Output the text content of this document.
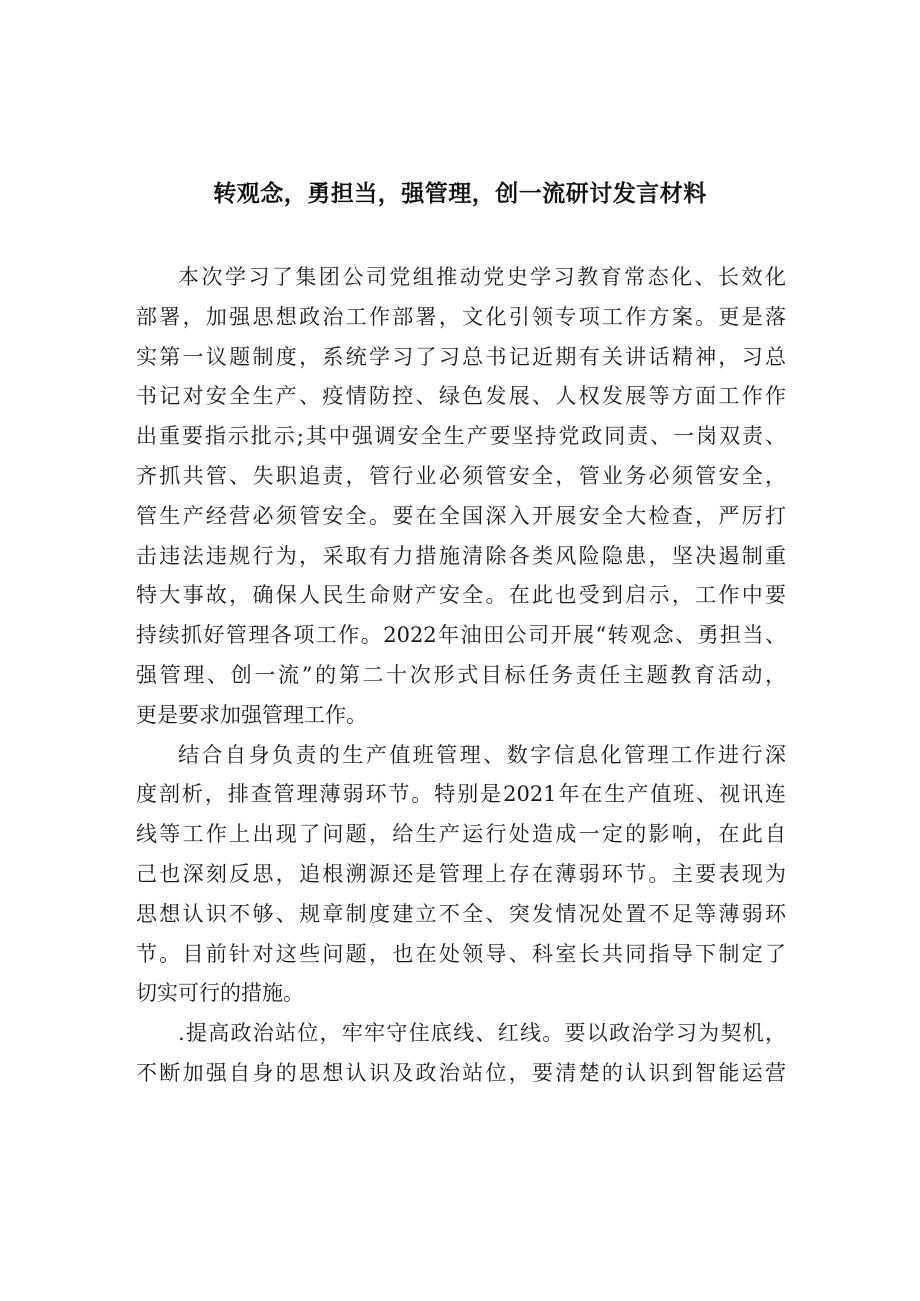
转观念，勇担当，强管理，创一流研讨发言材料
本次学习了集团公司党组推动党史学习教育常态化、长效化
部署，加强思想政治工作部署，文化引领专项工作方案。更是落
实第一议题制度，系统学习了习总书记近期有关讲话精神，习总
书记对安全生产、疫情防控、绿色发展、人权发展等方面工作作
出重要指示批示;其中强调安全生产要坚持党政同责、一岗双责、
齐抓共管、失职追责，管行业必须管安全，管业务必须管安全，
管生产经营必须管安全。要在全国深入开展安全大检查，严厉打
击违法违规行为，采取有力措施清除各类风险隐患，坚决遏制重
特大事故，确保人民生命财产安全。在此也受到启示，工作中要
持续抓好管理各项工作。2022年油田公司开展“转观念、勇担当、
强管理、创一流”的第二十次形式目标任务责任主题教育活动，
更是要求加强管理工作。
结合自身负责的生产值班管理、数字信息化管理工作进行深
度剖析，排查管理薄弱环节。特别是2021年在生产值班、视讯连
线等工作上出现了问题，给生产运行处造成一定的影响，在此自
己也深刻反思，追根溯源还是管理上存在薄弱环节。主要表现为
思想认识不够、规章制度建立不全、突发情况处置不足等薄弱环
节。目前针对这些问题，也在处领导、科室长共同指导下制定了
切实可行的措施。
.提高政治站位，牢牢守住底线、红线。要以政治学习为契机，
不断加强自身的思想认识及政治站位，要清楚的认识到智能运营
